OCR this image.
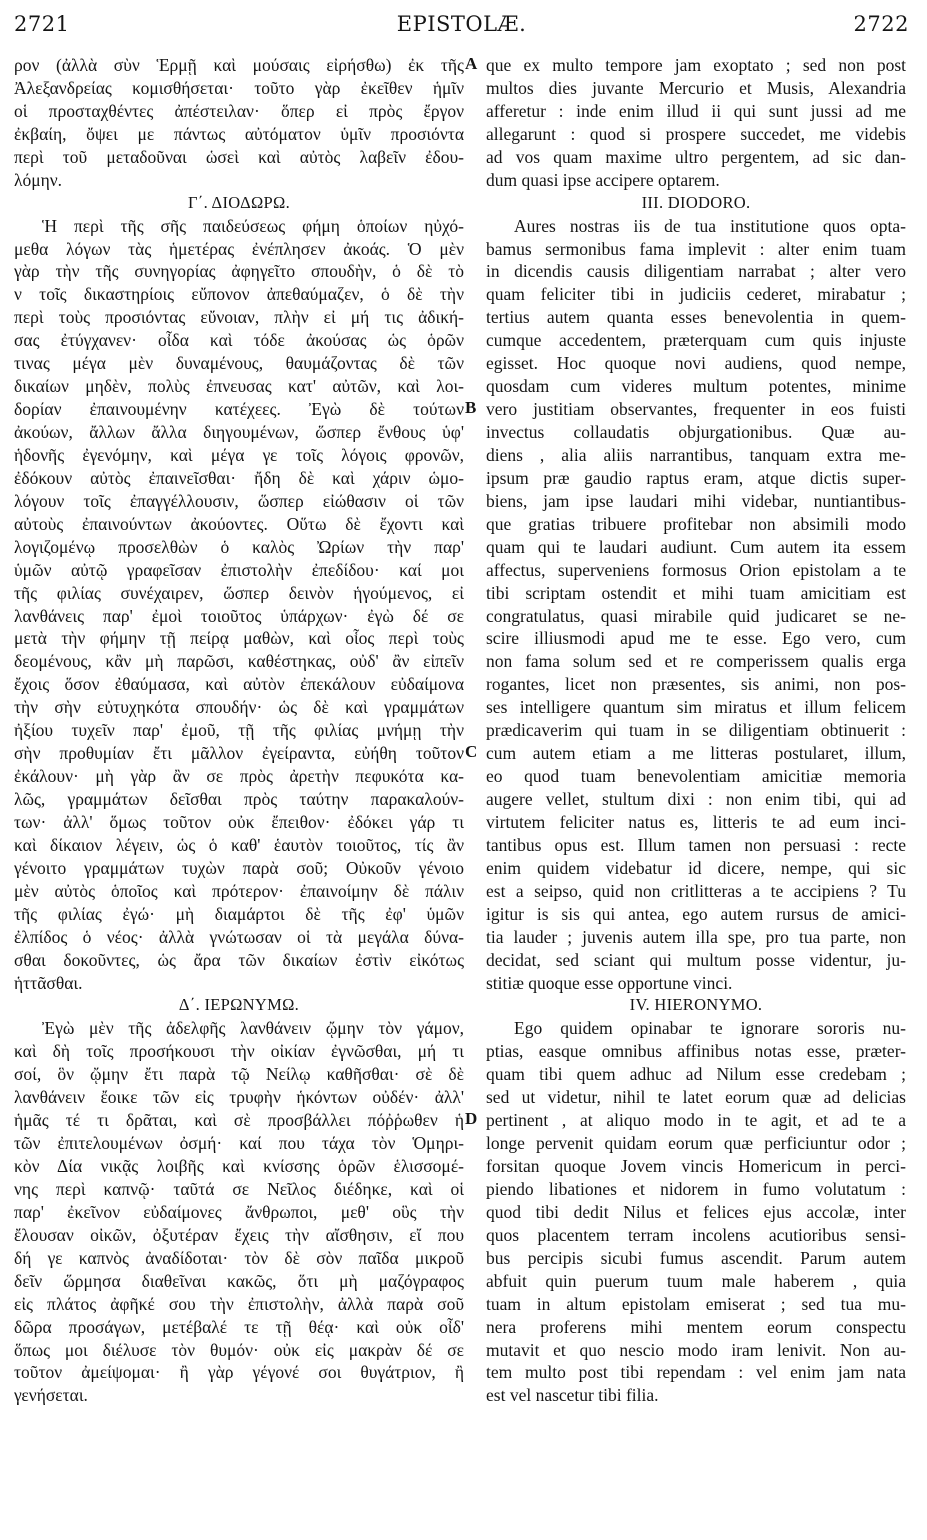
2721	EPISTOLÆ.	2722
ρον (ἀλλὰ σὺν Ἑρμῇ καὶ μούσαις εἰρήσθω) ἐκ τῆς
Ἀλεξανδρείας κομισθήσεται· τοῦτο γὰρ ἐκεῖθεν ἡμῖν
οἱ προσταχθέντες ἀπέστειλαν· ὅπερ εἰ πρὸς ἔργον
ἐκβαίη, ὄψει με πάντως αὐτόματον ὑμῖν προσιόντα
περὶ τοῦ μεταδοῦναι ὡσεὶ καὶ αὐτὸς λαβεῖν ἐδου-
λόμην.
Γ΄. ΔΙΟΔΩΡΩ.
Ἡ περὶ τῆς σῆς παιδεύσεως φήμη ὁποίων ηὐχό-
μεθα λόγων τὰς ἡμετέρας ἐνέπλησεν ἀκοάς. Ὁ μὲν
γὰρ τὴν τῆς συνηγορίας ἀφηγεῖτο σπουδὴν, ὁ δὲ τὸ
ν τοῖς δικαστηρίοις εὔπονον ἀπεθαύμαζεν, ὁ δὲ τὴν
περὶ τοὺς προσιόντας εὔνοιαν, πλὴν εἰ μή τις ἀδική-
σας ἐτύγχανεν· οἶδα καὶ τόδε ἀκούσας ὡς ὁρῶν
τινας μέγα μὲν δυναμένους, θαυμάζοντας δὲ τῶν
δικαίων μηδὲν, πολὺς ἐπνευσας κατ' αὐτῶν, καὶ λοι-
δορίαν ἐπαινουμένην κατέχεες. Ἐγὼ δὲ τούτων
ἀκούων, ἄλλων ἄλλα διηγουμένων, ὥσπερ ἔνθους ὑφ'
ἡδονῆς ἐγενόμην, καὶ μέγα γε τοῖς λόγοις φρονῶν,
ἐδόκουν αὐτὸς ἐπαινεῖσθαι· ἤδη δὲ καὶ χάριν ὡμο-
λόγουν τοῖς ἐπαγγέλλουσιν, ὥσπερ εἰώθασιν οἱ τῶν
αὐτοὺς ἐπαινούντων ἀκούοντες. Οὕτω δὲ ἔχοντι καὶ
λογιζομένῳ προσελθὼν ὁ καλὸς Ὠρίων τὴν παρ'
ὑμῶν αὐτῷ γραφεῖσαν ἐπιστολὴν ἐπεδίδου· καί μοι
τῆς φιλίας συνέχαιρεν, ὥσπερ δεινὸν ἡγούμενος, εἰ
λανθάνεις παρ' ἐμοὶ τοιοῦτος ὑπάρχων· ἐγὼ δέ σε
μετὰ τὴν φήμην τῇ πείρᾳ μαθὼν, καὶ οἷος περὶ τοὺς
δεομένους, κἂν μὴ παρῶσι, καθέστηκας, οὐδ' ἂν εἰπεῖν
ἔχοις ὅσον ἐθαύμασα, καὶ αὐτὸν ἐπεκάλουν εὐδαίμονα
τὴν σὴν εὐτυχηκότα σπουδήν· ὡς δὲ καὶ γραμμάτων
ἠξίου τυχεῖν παρ' ἐμοῦ, τῇ τῆς φιλίας μνήμῃ τὴν
σὴν προθυμίαν ἔτι μᾶλλον ἐγείραντα, εὐήθη τοῦτον
ἐκάλουν· μὴ γὰρ ἂν σε πρὸς ἀρετὴν πεφυκότα κα-
λῶς, γραμμάτων δεῖσθαι πρὸς ταύτην παρακαλούν-
των· ἀλλ' ὅμως τοῦτον οὐκ ἔπειθον· ἐδόκει γάρ τι
καὶ δίκαιον λέγειν, ὡς ὁ καθ' ἑαυτὸν τοιοῦτος, τίς ἂν
γένοιτο γραμμάτων τυχὼν παρὰ σοῦ; Οὐκοῦν γένοιο
μὲν αὐτὸς ὁποῖος καὶ πρότερον· ἐπαινοίμην δὲ πάλιν
τῆς φιλίας ἐγώ· μὴ διαμάρτοι δὲ τῆς ἐφ' ὑμῶν
ἐλπίδος ὁ νέος· ἀλλὰ γνώτωσαν οἱ τὰ μεγάλα δύνα-
σθαι δοκοῦντες, ὡς ἄρα τῶν δικαίων ἐστὶν εἰκότως
ἡττᾶσθαι.
Δ΄. ΙΕΡΩΝΥΜΩ.
Ἐγὼ μὲν τῆς ἀδελφῆς λανθάνειν ᾤμην τὸν γάμον,
καὶ δὴ τοῖς προσήκουσι τὴν οἰκίαν ἐγνῶσθαι, μή τι
σοί, ὃν ᾤμην ἔτι παρὰ τῷ Νείλῳ καθῆσθαι· σὲ δὲ
λανθάνειν ἔοικε τῶν εἰς τρυφὴν ἡκόντων οὐδέν· ἀλλ'
ἡμᾶς τέ τι δρᾶται, καὶ σὲ προσβάλλει πόῤῥωθεν ἡ
τῶν ἐπιτελουμένων ὀσμή· καί που τάχα τὸν Ὁμηρι-
κὸν Δία νικᾷς λοιβῆς καὶ κνίσσης ὁρῶν ἑλισσομέ-
νης περὶ καπνῷ· ταῦτά σε Νεῖλος διέδηκε, καὶ οἱ
παρ' ἐκεῖνον εὐδαίμονες ἄνθρωποι, μεθ' οὓς τὴν
ἔλουσαν οἰκῶν, ὀξυτέραν ἔχεις τὴν αἴσθησιν, εἴ που
δή γε καπνὸς ἀναδίδοται· τὸν δὲ σὸν παῖδα μικροῦ
δεῖν ὥρμησα διαθεῖναι κακῶς, ὅτι μὴ μαζόγραφος
εἰς πλάτος ἀφῆκέ σου τὴν ἐπιστολὴν, ἀλλὰ παρὰ σοῦ
δῶρα προσάγων, μετέβαλέ τε τῇ θέᾳ· καὶ οὐκ οἶδ'
ὅπως μοι διέλυσε τὸν θυμόν· οὐκ εἰς μακρὰν δέ σε
τοῦτον ἀμείψομαι· ἢ γὰρ γέγονέ σοι θυγάτριον, ἢ
γενήσεται.
que ex multo tempore jam exoptato ; sed non post
multos dies juvante Mercurio et Musis, Alexandria
afferetur : inde enim illud ii qui sunt jussi ad me
allegarunt : quod si prospere succedet, me videbis
ad vos quam maxime ultro pergentem, ad sic dan-
dum quasi ipse accipere optarem.
III. DIODORO.
Aures nostras iis de tua institutione quos opta-
bamus sermonibus fama implevit : alter enim tuam
in dicendis causis diligentiam narrabat ; alter vero
quam feliciter tibi in judiciis cederet, mirabatur ;
tertius autem quanta esses benevolentia in quem-
cumque accedentem, præterquam cum quis injuste
egisset. Hoc quoque novi audiens, quod nempe,
quosdam cum videres multum potentes, minime
vero justitiam observantes, frequenter in eos fuisti
invectus collaudatis objurgationibus. Quæ au-
diens , alia aliis narrantibus, tanquam extra me-
ipsum præ gaudio raptus eram, atque dictis super-
biens, jam ipse laudari mihi videbar, nuntiantibus-
que gratias tribuere profitebar non absimili modo
quam qui te laudari audiunt. Cum autem ita essem
affectus, superveniens formosus Orion epistolam a te
tibi scriptam ostendit et mihi tuam amicitiam est
congratulatus, quasi mirabile quid judicaret se ne-
scire illiusmodi apud me te esse. Ego vero, cum
non fama solum sed et re comperissem qualis erga
rogantes, licet non præsentes, sis animi, non pos-
ses intelligere quantum sim miratus et illum felicem
prædicaverim qui tuam in se diligentiam obtinuerit :
cum autem etiam a me litteras postularet, illum,
eo quod tuam benevolentiam amicitiæ memoria
augere vellet, stultum dixi : non enim tibi, qui ad
virtutem feliciter natus es, litteris te ad eum inci-
tantibus opus est. Illum tamen non persuasi : recte
enim quidem videbatur id dicere, nempe, qui sic
est a seipso, quid non critlitteras a te accipiens ? Tu
igitur is sis qui antea, ego autem rursus de amici-
tia lauder ; juvenis autem illa spe, pro tua parte, non
decidat, sed sciant qui multum posse videntur, ju-
stitiæ quoque esse opportune vinci.
IV. HIERONYMO.
Ego quidem opinabar te ignorare sororis nu-
ptias, easque omnibus affinibus notas esse, præter-
quam tibi quem adhuc ad Nilum esse credebam ;
sed ut videtur, nihil te latet eorum quæ ad delicias
pertinent , at aliquo modo in te agit, et ad te a
longe pervenit quidam eorum quæ perficiuntur odor ;
forsitan quoque Jovem vincis Homericum in perci-
piendo libationes et nidorem in fumo volutatum :
quod tibi dedit Nilus et felices ejus accolæ, inter
quos placentem terram incolens acutioribus sensi-
bus percipis sicubi fumus ascendit. Parum autem
abfuit quin puerum tuum male haberem , quia
tuam in altum epistolam emiserat ; sed tua mu-
nera proferens mihi mentem eorum conspectu
mutavit et quo nescio modo iram lenivit. Non au-
tem multo post tibi rependam : vel enim jam nata
est vel nascetur tibi filia.
A
B
C
D
